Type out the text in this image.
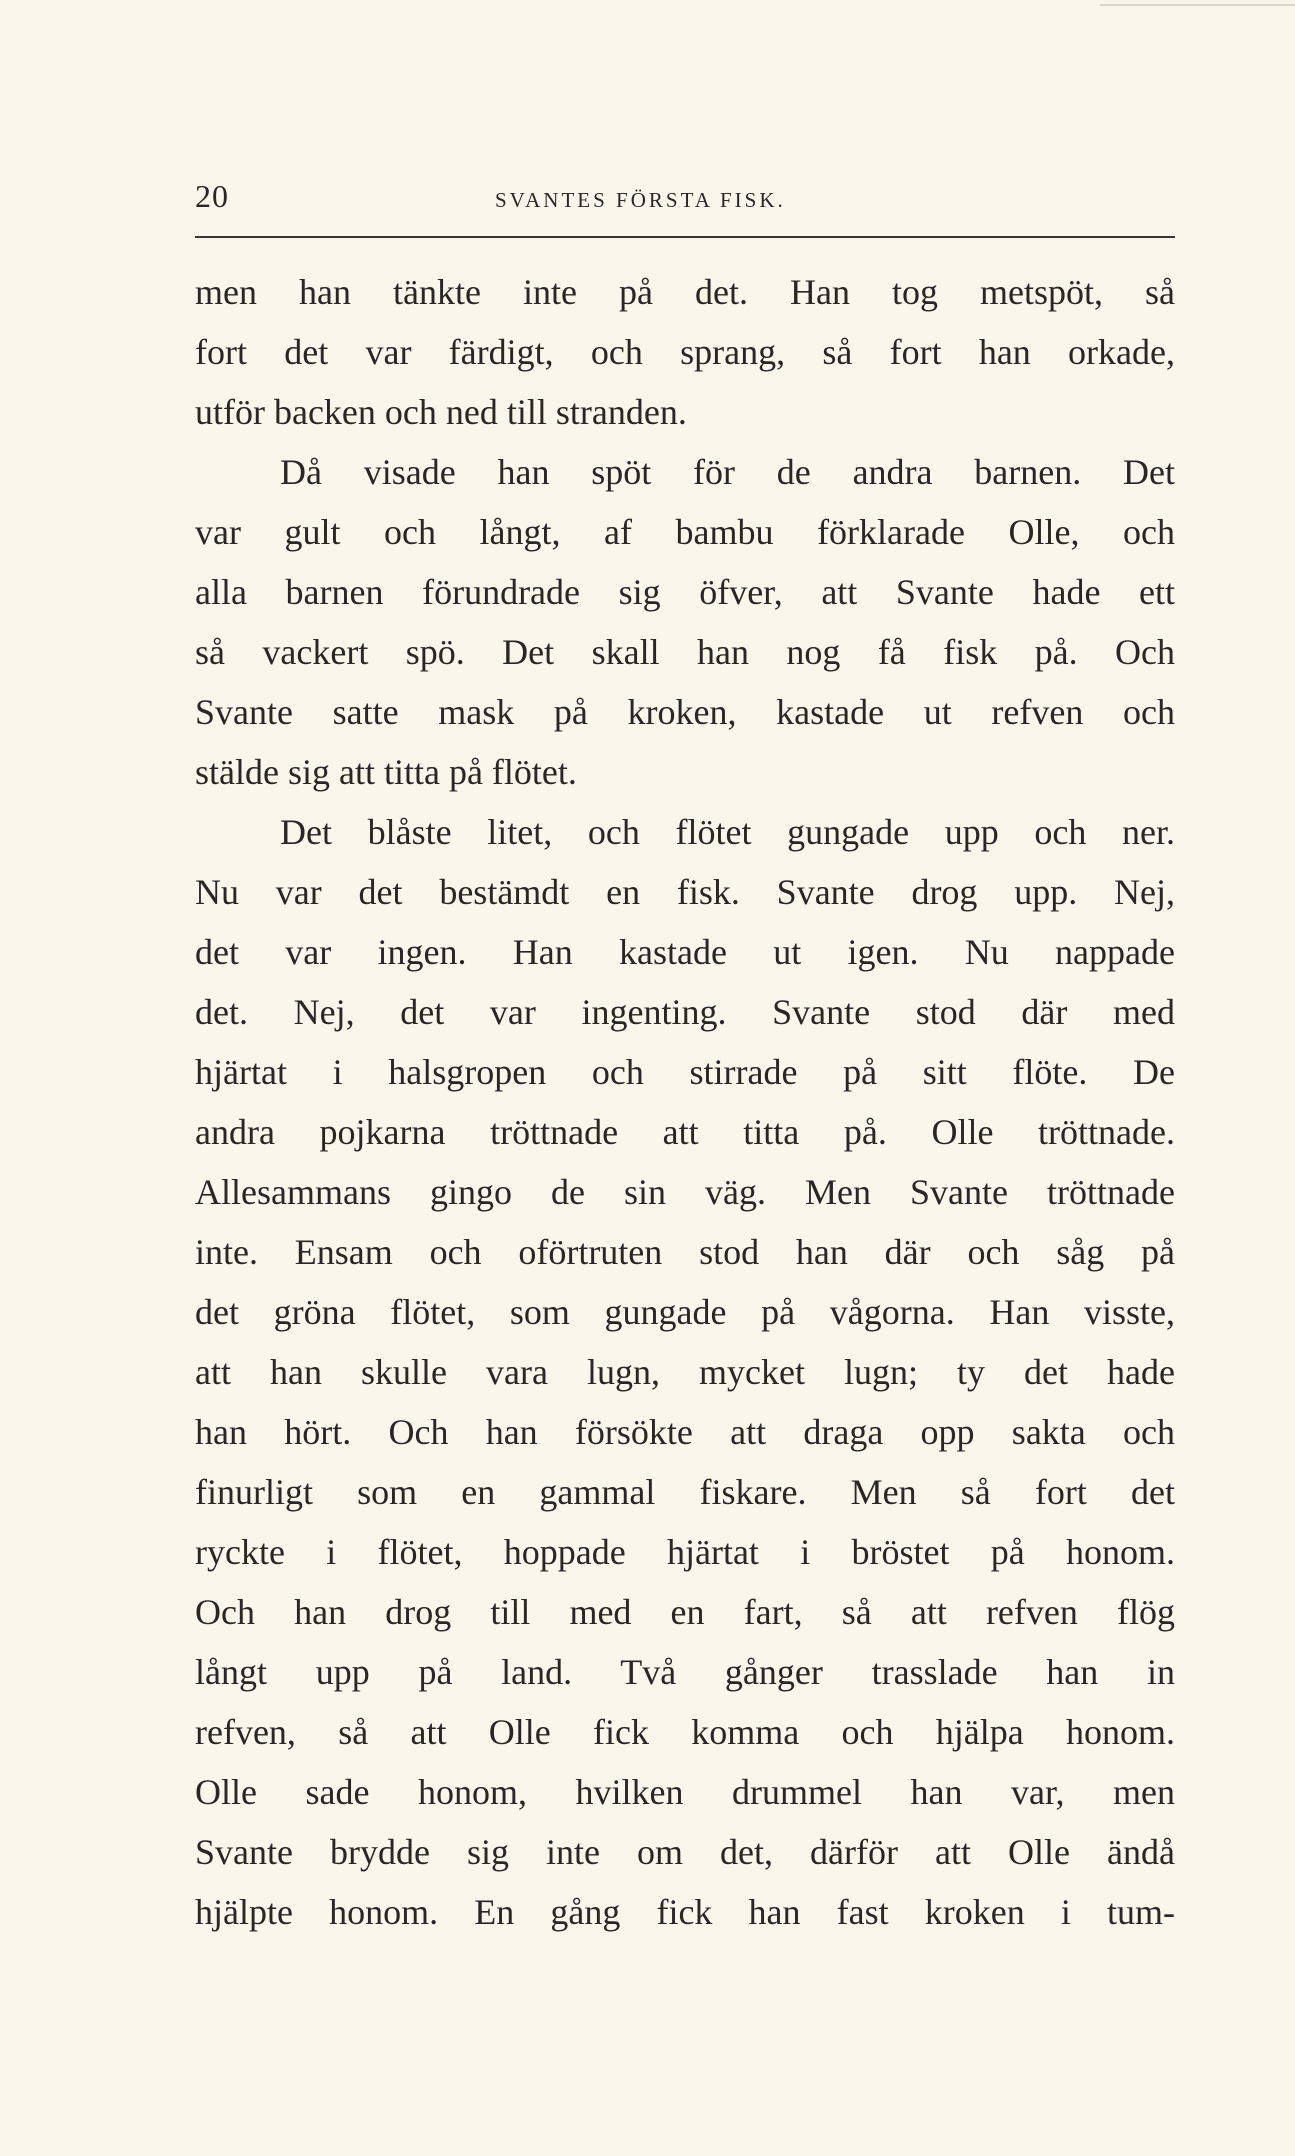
20	SVANTES FÖRSTA FISK.
men han tänkte inte på det. Han tog metspöt, så
fort det var färdigt, och sprang, så fort han orkade,
utför backen och ned till stranden.
Då visade han spöt för de andra barnen. Det
var gult och långt, af bambu förklarade Olle, och
alla barnen förundrade sig öfver, att Svante hade ett
så vackert spö. Det skall han nog få fisk på. Och
Svante satte mask på kroken, kastade ut refven och
stälde sig att titta på flötet.
Det blåste litet, och flötet gungade upp och ner.
Nu var det bestämdt en fisk. Svante drog upp. Nej,
det var ingen. Han kastade ut igen. Nu nappade
det. Nej, det var ingenting. Svante stod där med
hjärtat i halsgropen och stirrade på sitt flöte. De
andra pojkarna tröttnade att titta på. Olle tröttnade.
Allesammans gingo de sin väg. Men Svante tröttnade
inte. Ensam och oförtruten stod han där och såg på
det gröna flötet, som gungade på vågorna. Han visste,
att han skulle vara lugn, mycket lugn; ty det hade
han hört. Och han försökte att draga opp sakta och
finurligt som en gammal fiskare. Men så fort det
ryckte i flötet, hoppade hjärtat i bröstet på honom.
Och han drog till med en fart, så att refven flög
långt upp på land. Två gånger trasslade han in
refven, så att Olle fick komma och hjälpa honom.
Olle sade honom, hvilken drummel han var, men
Svante brydde sig inte om det, därför att Olle ändå
hjälpte honom. En gång fick han fast kroken i tum-
